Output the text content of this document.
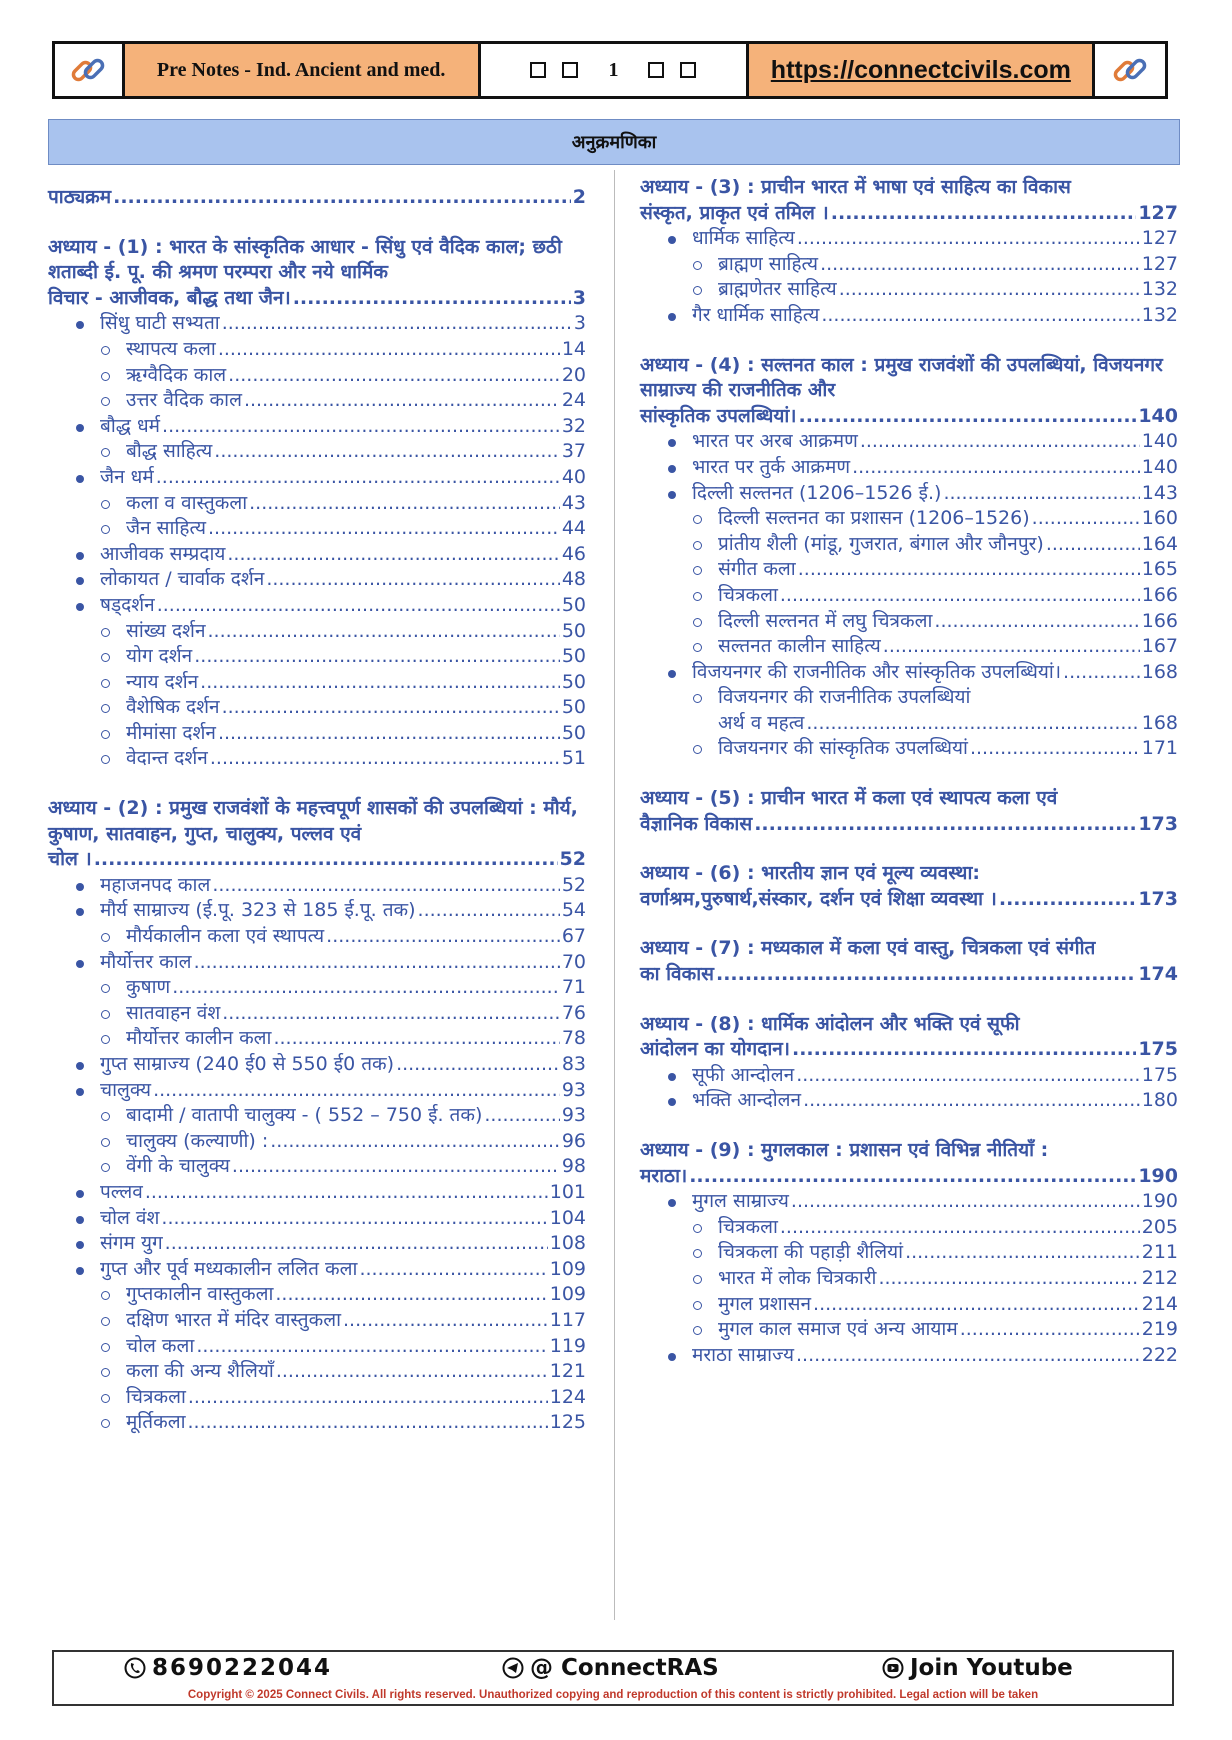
Pre Notes - Ind. Ancient and med.	1	https://connectcivils.com
अनुक्रमणिका
पाठ्यक्रम .....	2
अध्याय - (1) : भारत के सांस्कृतिक आधार - सिंधु एवं वैदिक काल; छठी शताब्दी ई. पू. की श्रमण परम्परा और नये धार्मिक
विचार - आजीवक, बौद्ध तथा जैन। .....	3
सिंधु घाटी सभ्यता .....	3
स्थापत्य कला .....	14
ऋग्वैदिक काल .....	20
उत्तर वैदिक काल .....	24
बौद्ध धर्म .....	32
बौद्ध साहित्य .....	37
जैन धर्म .....	40
कला व वास्तुकला .....	43
जैन साहित्य .....	44
आजीवक सम्प्रदाय .....	46
लोकायत / चार्वाक दर्शन .....	48
षड्दर्शन .....	50
सांख्य दर्शन .....	50
योग दर्शन .....	50
न्याय दर्शन .....	50
वैशेषिक दर्शन .....	50
मीमांसा दर्शन .....	50
वेदान्त दर्शन .....	51
अध्याय - (2) : प्रमुख राजवंशों के महत्त्वपूर्ण शासकों की उपलब्धियां : मौर्य, कुषाण, सातवाहन, गुप्त, चालुक्य, पल्लव एवं
चोल । .....	52
महाजनपद काल .....	52
मौर्य साम्राज्य (ई.पू. 323 से 185 ई.पू. तक) .....	54
मौर्यकालीन कला एवं स्थापत्य .....	67
मौर्योत्तर काल .....	70
कुषाण .....	71
सातवाहन वंश .....	76
मौर्योत्तर कालीन कला .....	78
गुप्त साम्राज्य (240 ई0 से 550 ई0 तक) .....	83
चालुक्य .....	93
बादामी / वातापी चालुक्य - ( 552 – 750 ई. तक) .....	93
चालुक्य (कल्याणी) : .....	96
वेंगी के चालुक्य .....	98
पल्लव .....	101
चोल वंश .....	104
संगम युग .....	108
गुप्त और पूर्व मध्यकालीन ललित कला .....	109
गुप्तकालीन वास्तुकला .....	109
दक्षिण भारत में मंदिर वास्तुकला .....	117
चोल कला .....	119
कला की अन्य शैलियाँ .....	121
चित्रकला .....	124
मूर्तिकला .....	125
अध्याय - (3) : प्राचीन भारत में भाषा एवं साहित्य का विकास
संस्कृत, प्राकृत एवं तमिल । .....	127
धार्मिक साहित्य .....	127
ब्राह्मण साहित्य .....	127
ब्राह्मणेतर साहित्य .....	132
गैर धार्मिक साहित्य .....	132
अध्याय - (4) : सल्तनत काल : प्रमुख राजवंशों की उपलब्धियां, विजयनगर साम्राज्य की राजनीतिक और
सांस्कृतिक उपलब्धियां। .....	140
भारत पर अरब आक्रमण .....	140
भारत पर तुर्क आक्रमण .....	140
दिल्ली सल्तनत (1206–1526 ई.) .....	143
दिल्ली सल्तनत का प्रशासन (1206–1526) .....	160
प्रांतीय शैली (मांडू, गुजरात, बंगाल और जौनपुर) .....	164
संगीत कला .....	165
चित्रकला .....	166
दिल्ली सल्तनत में लघु चित्रकला .....	166
सल्तनत कालीन साहित्य .....	167
विजयनगर की राजनीतिक और सांस्कृतिक उपलब्धियां। .....	168
विजयनगर की राजनीतिक उपलब्धियां
अर्थ व महत्व .....	168
विजयनगर की सांस्कृतिक उपलब्धियां .....	171
अध्याय - (5) : प्राचीन भारत में कला एवं स्थापत्य कला एवं
वैज्ञानिक विकास .....	173
अध्याय - (6) : भारतीय ज्ञान एवं मूल्य व्यवस्था:
वर्णाश्रम,पुरुषार्थ,संस्कार, दर्शन एवं शिक्षा व्यवस्था । .....	173
अध्याय - (7) : मध्यकाल में कला एवं वास्तु, चित्रकला एवं संगीत
का विकास .....	174
अध्याय - (8) : धार्मिक आंदोलन और भक्ति एवं सूफी
आंदोलन का योगदान। .....	175
सूफी आन्दोलन .....	175
भक्ति आन्दोलन .....	180
अध्याय - (9) : मुगलकाल : प्रशासन एवं विभिन्न नीतियाँ :
मराठा। .....	190
मुगल साम्राज्य .....	190
चित्रकला .....	205
चित्रकला की पहाड़ी शैलियां .....	211
भारत में लोक चित्रकारी .....	212
मुगल प्रशासन .....	214
मुगल काल समाज एवं अन्य आयाम .....	219
मराठा साम्राज्य .....	222
8690222044	@ ConnectRAS	Join Youtube
Copyright © 2025 Connect Civils. All rights reserved. Unauthorized copying and reproduction of this content is strictly prohibited. Legal action will be taken
